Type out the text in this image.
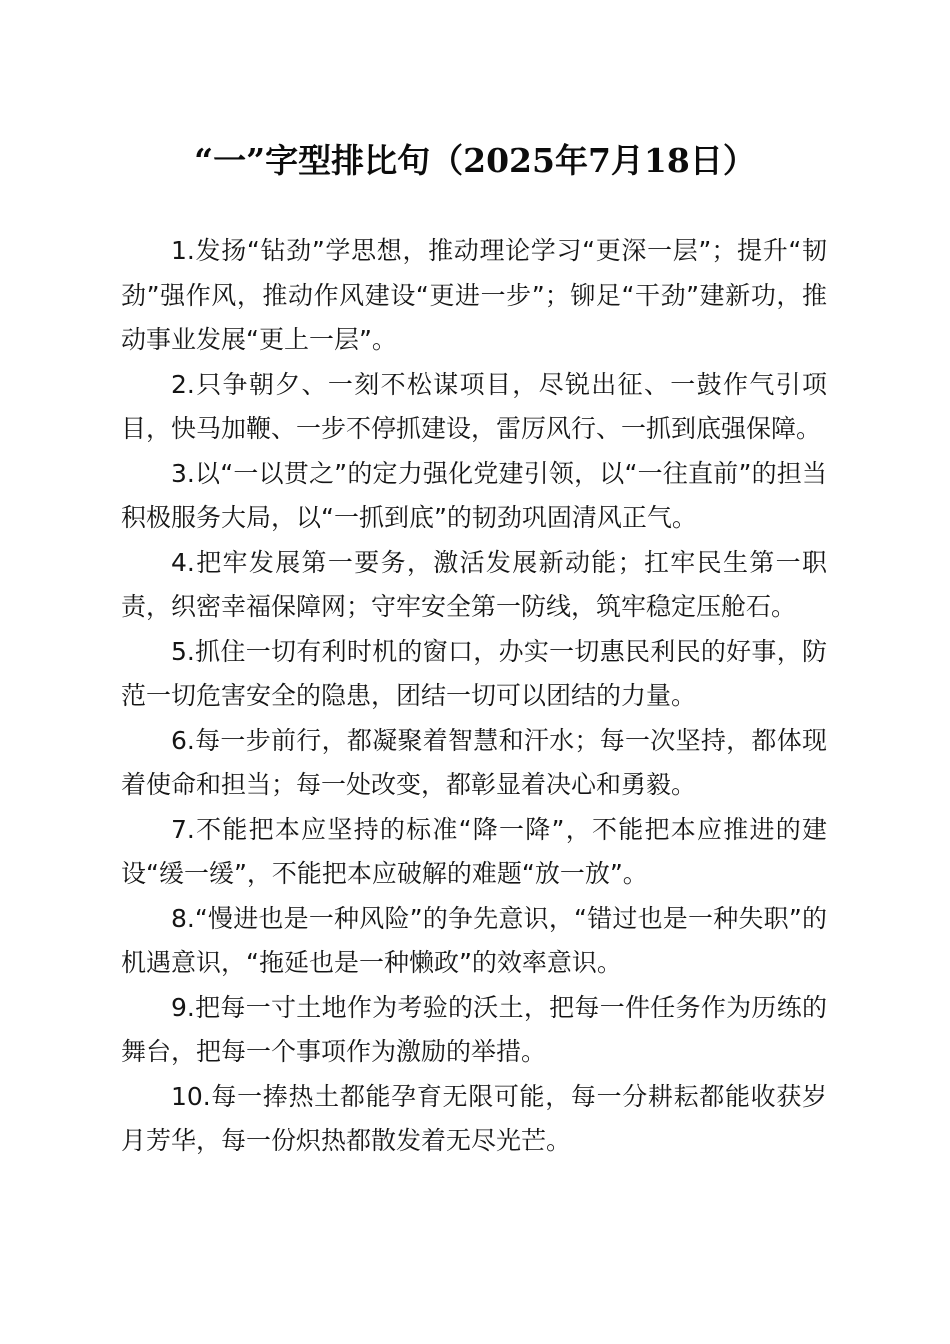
“一”字型排比句（2025年7月18日）

1.发扬“钻劲”学思想，推动理论学习“更深一层”；提升“韧劲”强作风，推动作风建设“更进一步”；铆足“干劲”建新功，推动事业发展“更上一层”。

2.只争朝夕、一刻不松谋项目，尽锐出征、一鼓作气引项目，快马加鞭、一步不停抓建设，雷厉风行、一抓到底强保障。

3.以“一以贯之”的定力强化党建引领，以“一往直前”的担当积极服务大局，以“一抓到底”的韧劲巩固清风正气。

4.把牢发展第一要务，激活发展新动能；扛牢民生第一职责，织密幸福保障网；守牢安全第一防线，筑牢稳定压舱石。

5.抓住一切有利时机的窗口，办实一切惠民利民的好事，防范一切危害安全的隐患，团结一切可以团结的力量。

6.每一步前行，都凝聚着智慧和汗水；每一次坚持，都体现着使命和担当；每一处改变，都彰显着决心和勇毅。

7.不能把本应坚持的标准“降一降”，不能把本应推进的建设“缓一缓”，不能把本应破解的难题“放一放”。

8.“慢进也是一种风险”的争先意识，“错过也是一种失职”的机遇意识，“拖延也是一种懒政”的效率意识。

9.把每一寸土地作为考验的沃土，把每一件任务作为历练的舞台，把每一个事项作为激励的举措。

10.每一捧热土都能孕育无限可能，每一分耕耘都能收获岁月芳华，每一份炽热都散发着无尽光芒。
